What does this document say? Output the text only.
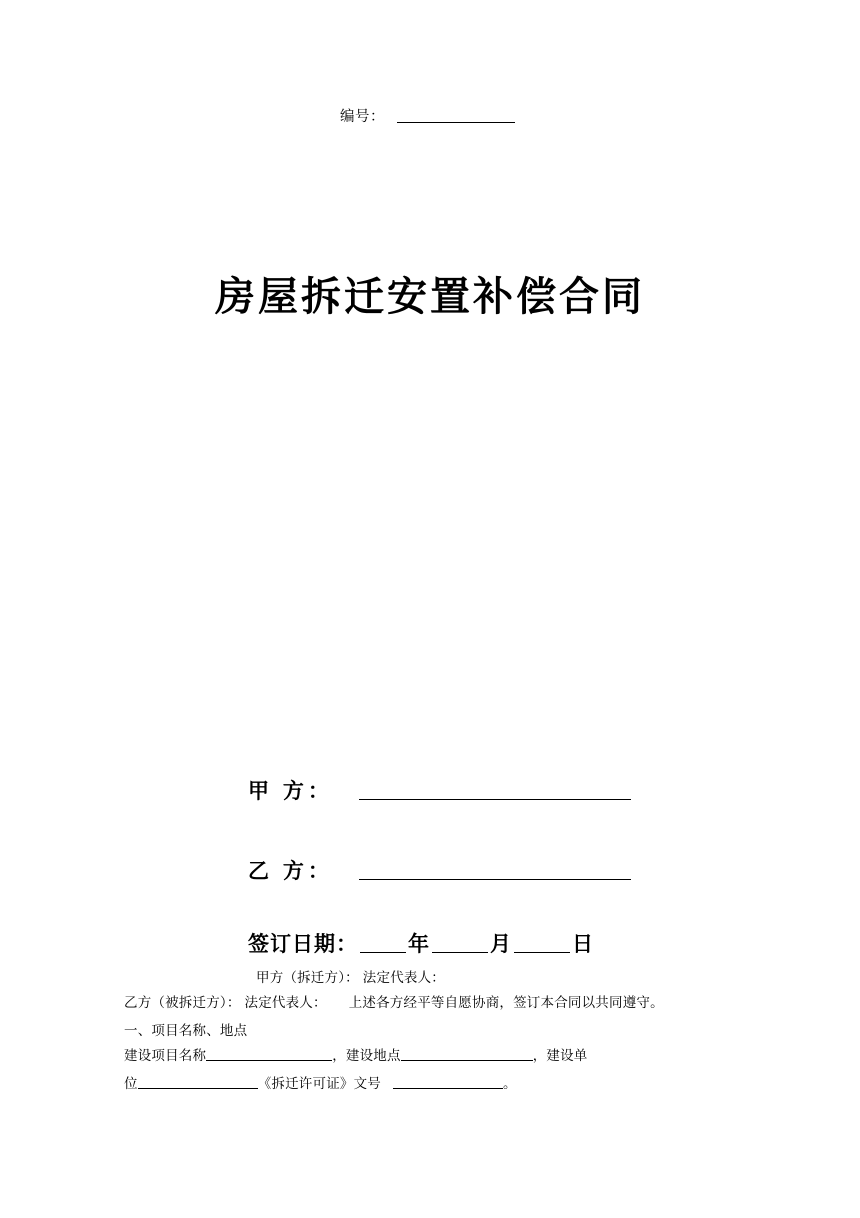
编号：
房屋拆迁安置补偿合同
甲 方：
乙 方：
签订日期： 年	月	日
甲方（拆迁方）： 法定代表人：
乙方（被拆迁方）： 法定代表人： 上述各方经平等自愿协商，签订本合同以共同遵守。
一、项目名称、地点
建设项目名称	，建设地点	，建设单
位	《拆迁许可证》文号	。
